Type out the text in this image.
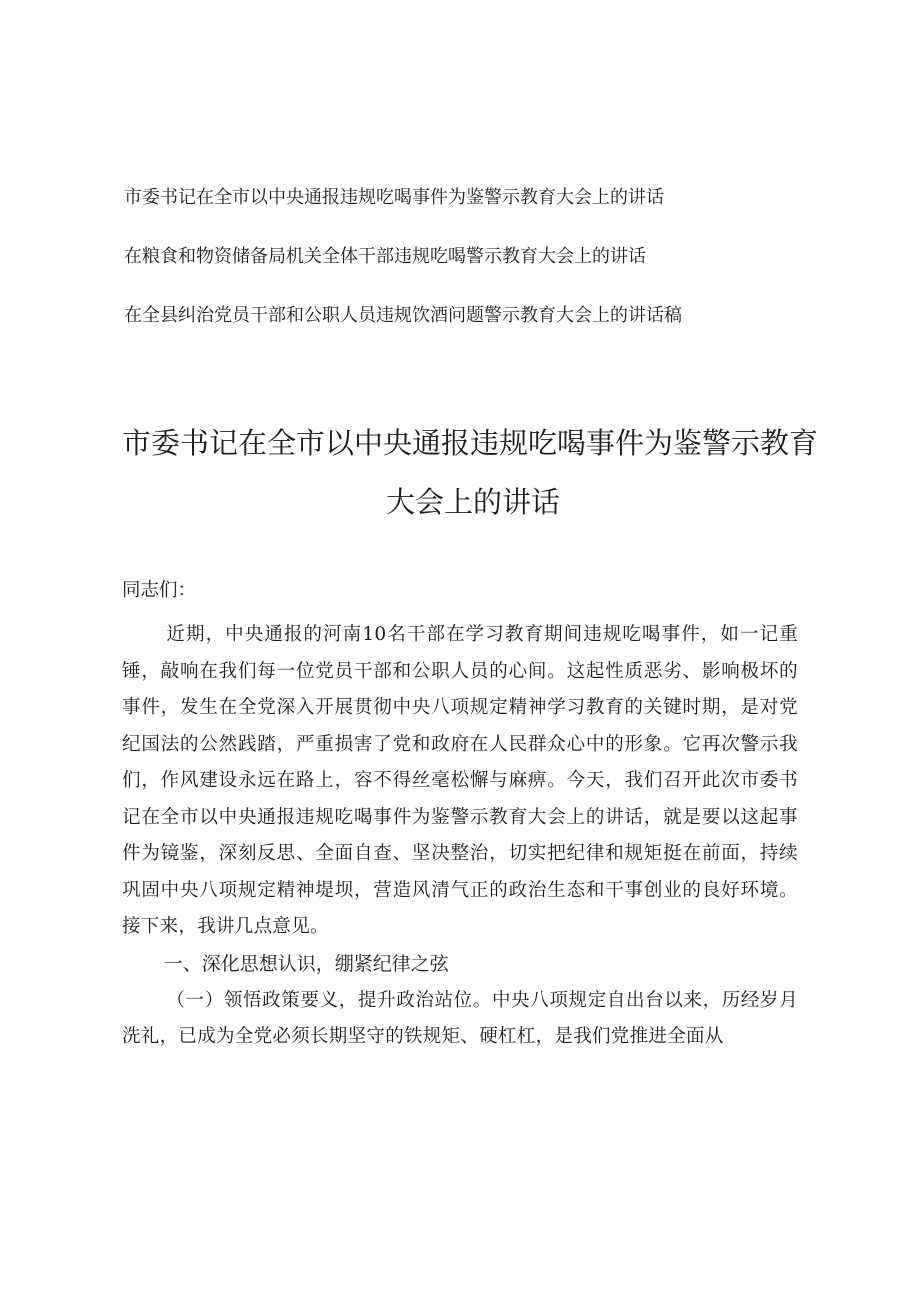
市委书记在全市以中央通报违规吃喝事件为鉴警示教育大会上的讲话
在粮食和物资储备局机关全体干部违规吃喝警示教育大会上的讲话
在全县纠治党员干部和公职人员违规饮酒问题警示教育大会上的讲话稿
市委书记在全市以中央通报违规吃喝事件为鉴警示教育
大会上的讲话
同志们：

近期，中央通报的河南10名干部在学习教育期间违规吃喝事件，如一记重锤，敲响在我们每一位党员干部和公职人员的心间。这起性质恶劣、影响极坏的事件，发生在全党深入开展贯彻中央八项规定精神学习教育的关键时期，是对党纪国法的公然践踏，严重损害了党和政府在人民群众心中的形象。它再次警示我们，作风建设永远在路上，容不得丝毫松懈与麻痹。今天，我们召开此次市委书记在全市以中央通报违规吃喝事件为鉴警示教育大会上的讲话，就是要以这起事件为镜鉴，深刻反思、全面自查、坚决整治，切实把纪律和规矩挺在前面，持续巩固中央八项规定精神堤坝，营造风清气正的政治生态和干事创业的良好环境。接下来，我讲几点意见。

一、深化思想认识，绷紧纪律之弦

（一）领悟政策要义，提升政治站位。中央八项规定自出台以来，历经岁月洗礼，已成为全党必须长期坚守的铁规矩、硬杠杠，是我们党推进全面从
